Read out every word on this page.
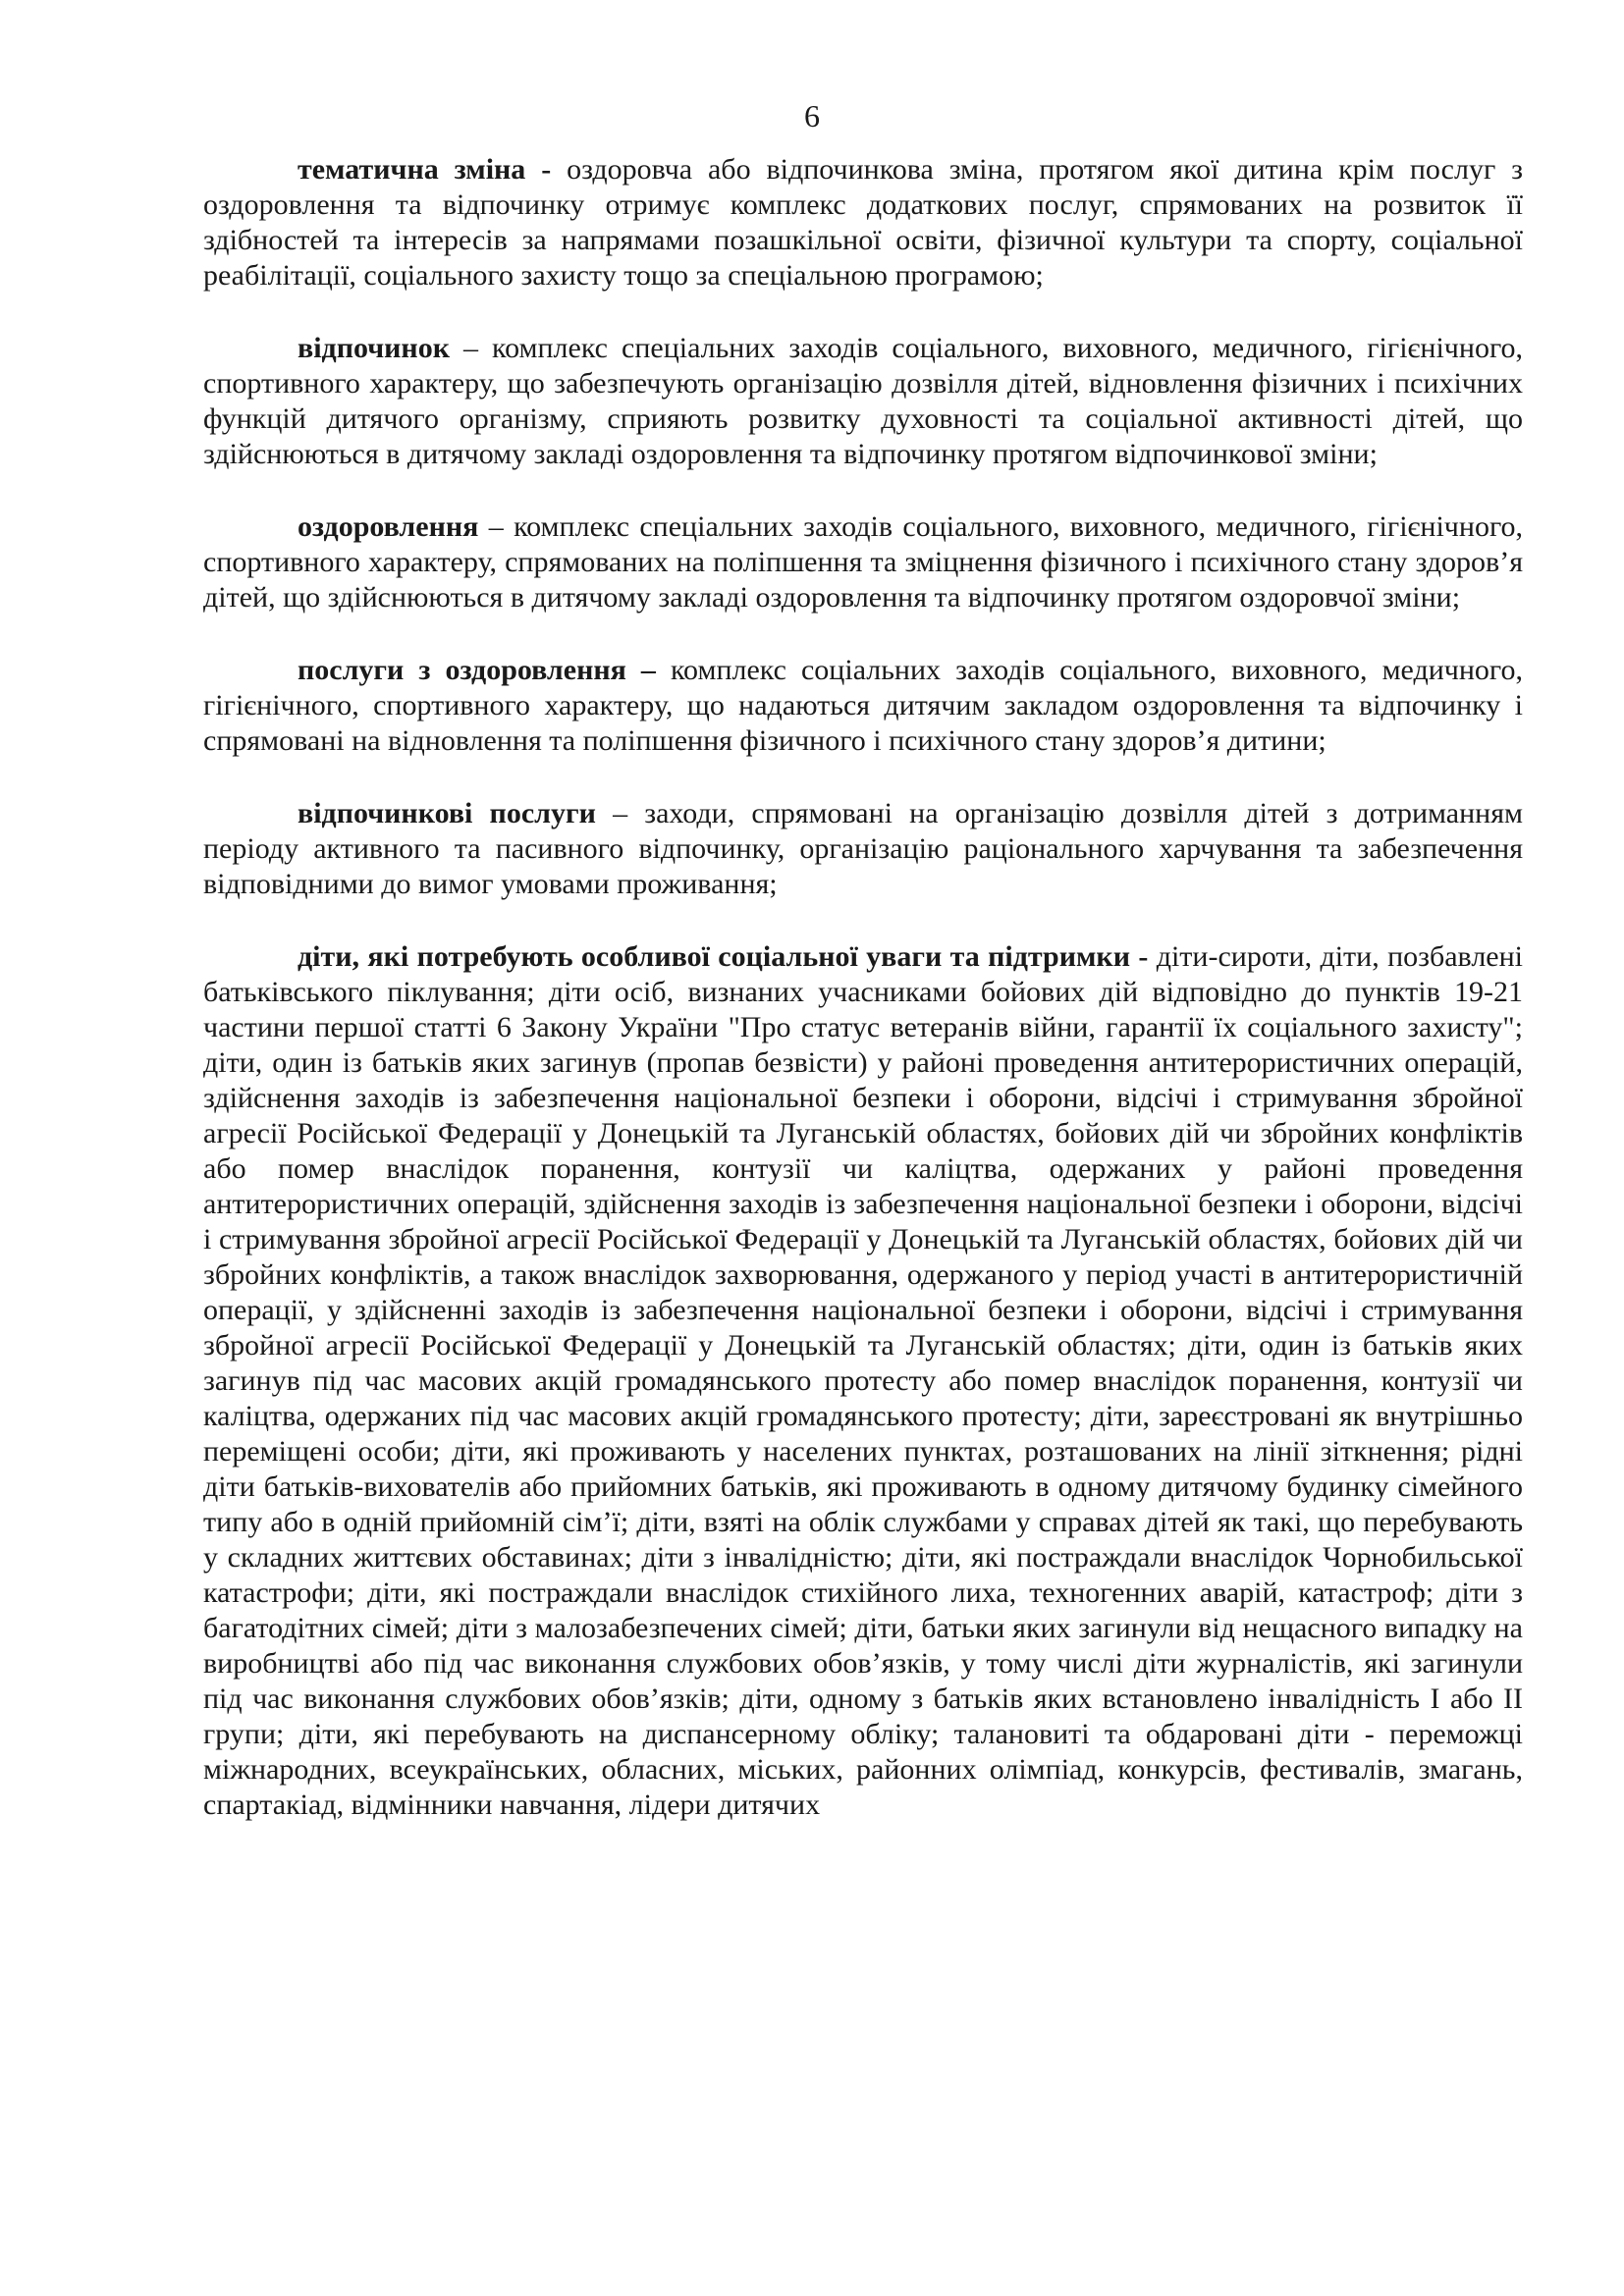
6

тематична зміна - оздоровча або відпочинкова зміна, протягом якої дитина крім послуг з оздоровлення та відпочинку отримує комплекс додаткових послуг, спрямованих на розвиток її здібностей та інтересів за напрямами позашкільної освіти, фізичної культури та спорту, соціальної реабілітації, соціального захисту тощо за спеціальною програмою;

відпочинок – комплекс спеціальних заходів соціального, виховного, медичного, гігієнічного, спортивного характеру, що забезпечують організацію дозвілля дітей, відновлення фізичних і психічних функцій дитячого організму, сприяють розвитку духовності та соціальної активності дітей, що здійснюються в дитячому закладі оздоровлення та відпочинку протягом відпочинкової зміни;

оздоровлення – комплекс спеціальних заходів соціального, виховного, медичного, гігієнічного, спортивного характеру, спрямованих на поліпшення та зміцнення фізичного і психічного стану здоров’я дітей, що здійснюються в дитячому закладі оздоровлення та відпочинку протягом оздоровчої зміни;

послуги з оздоровлення – комплекс соціальних заходів соціального, виховного, медичного, гігієнічного, спортивного характеру, що надаються дитячим закладом оздоровлення та відпочинку і спрямовані на відновлення та поліпшення фізичного і психічного стану здоров’я дитини;

відпочинкові послуги – заходи, спрямовані на організацію дозвілля дітей з дотриманням періоду активного та пасивного відпочинку, організацію раціонального харчування та забезпечення відповідними до вимог умовами проживання;

діти, які потребують особливої соціальної уваги та підтримки - діти-сироти, діти, позбавлені батьківського піклування; діти осіб, визнаних учасниками бойових дій відповідно до пунктів 19-21 частини першої статті 6 Закону України "Про статус ветеранів війни, гарантії їх соціального захисту"; діти, один із батьків яких загинув (пропав безвісти) у районі проведення антитерористичних операцій, здійснення заходів із забезпечення національної безпеки і оборони, відсічі і стримування збройної агресії Російської Федерації у Донецькій та Луганській областях, бойових дій чи збройних конфліктів або помер внаслідок поранення, контузії чи каліцтва, одержаних у районі проведення антитерористичних операцій, здійснення заходів із забезпечення національної безпеки і оборони, відсічі і стримування збройної агресії Російської Федерації у Донецькій та Луганській областях, бойових дій чи збройних конфліктів, а також внаслідок захворювання, одержаного у період участі в антитерористичній операції, у здійсненні заходів із забезпечення національної безпеки і оборони, відсічі і стримування збройної агресії Російської Федерації у Донецькій та Луганській областях; діти, один із батьків яких загинув під час масових акцій громадянського протесту або помер внаслідок поранення, контузії чи каліцтва, одержаних під час масових акцій громадянського протесту; діти, зареєстровані як внутрішньо переміщені особи; діти, які проживають у населених пунктах, розташованих на лінії зіткнення; рідні діти батьків-вихователів або прийомних батьків, які проживають в одному дитячому будинку сімейного типу або в одній прийомній сім’ї; діти, взяті на облік службами у справах дітей як такі, що перебувають у складних життєвих обставинах; діти з інвалідністю; діти, які постраждали внаслідок Чорнобильської катастрофи; діти, які постраждали внаслідок стихійного лиха, техногенних аварій, катастроф; діти з багатодітних сімей; діти з малозабезпечених сімей; діти, батьки яких загинули від нещасного випадку на виробництві або під час виконання службових обов’язків, у тому числі діти журналістів, які загинули під час виконання службових обов’язків; діти, одному з батьків яких встановлено інвалідність I або II групи; діти, які перебувають на диспансерному обліку; талановиті та обдаровані діти - переможці міжнародних, всеукраїнських, обласних, міських, районних олімпіад, конкурсів, фестивалів, змагань, спартакіад, відмінники навчання, лідери дитячих
